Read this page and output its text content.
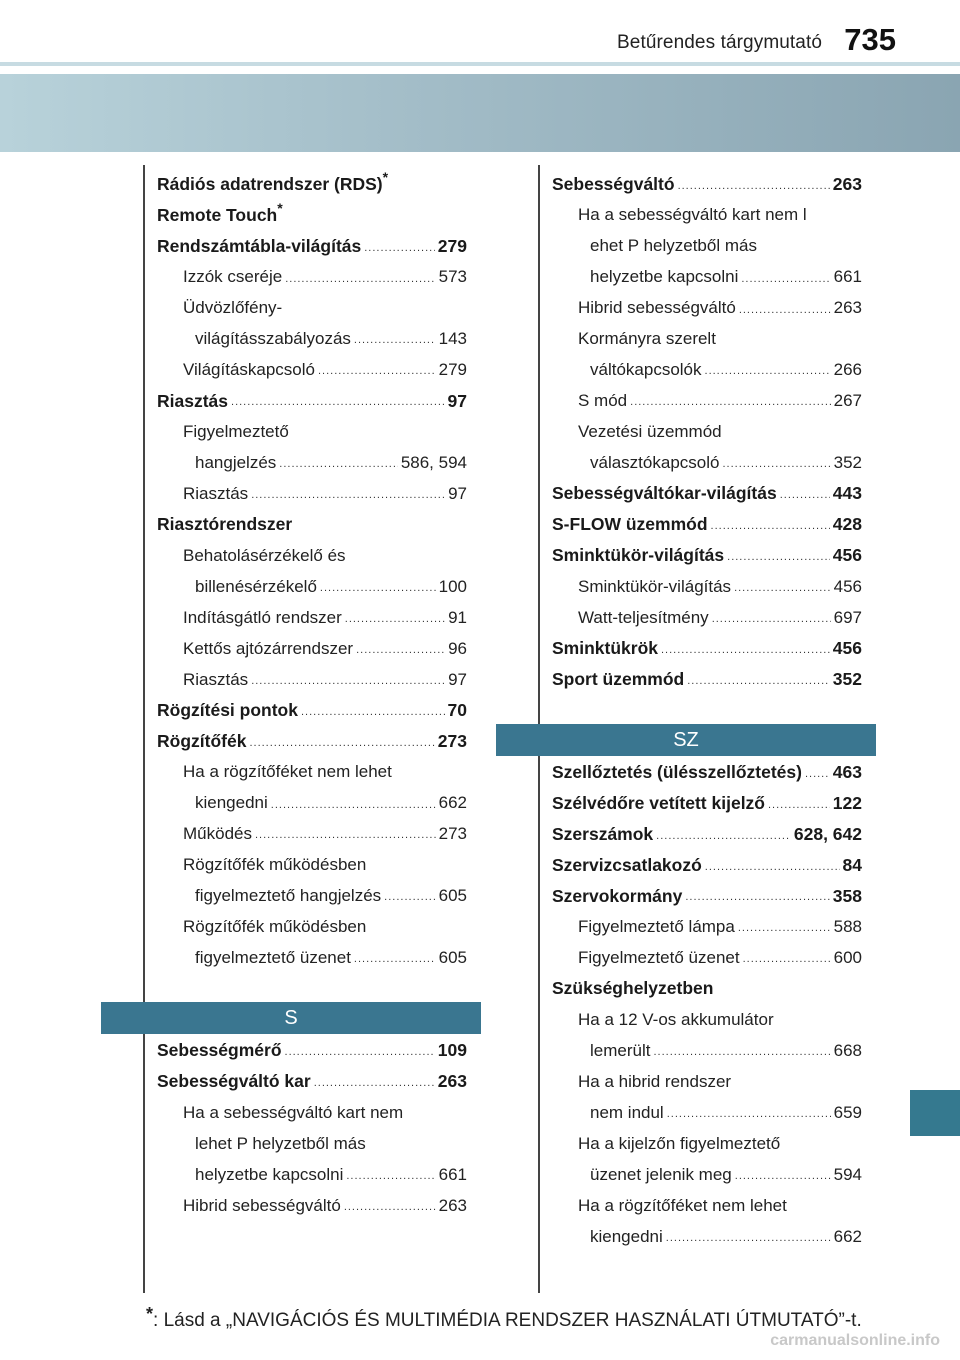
Betűrendes tárgymutató 735
Rádiós adatrendszer (RDS)*
Remote Touch*
Rendszámtábla-világítás .....	279
Izzók cseréje .....	573
Üdvözlőfény-
világításszabályozás .....	143
Világításkapcsoló .....	279
Riasztás .....	97
Figyelmeztető
hangjelzés .....	586, 594
Riasztás .....	97
Riasztórendszer
Behatolásérzékelő és
billenésérzékelő .....	100
Indításgátló rendszer .....	91
Kettős ajtózárrendszer .....	96
Riasztás .....	97
Rögzítési pontok .....	70
Rögzítőfék .....	273
Ha a rögzítőféket nem lehet
kiengedni .....	662
Működés .....	273
Rögzítőfék működésben
figyelmeztető hangjelzés .....	605
Rögzítőfék működésben
figyelmeztető üzenet .....	605
S
Sebességmérő .....	109
Sebességváltó kar .....	263
Ha a sebességváltó kart nem
lehet P helyzetből más
helyzetbe kapcsolni .....	661
Hibrid sebességváltó .....	263
Sebességváltó .....	263
Ha a sebességváltó kart nem l
ehet P helyzetből más
helyzetbe kapcsolni .....	661
Hibrid sebességváltó .....	263
Kormányra szerelt
váltókapcsolók .....	266
S mód .....	267
Vezetési üzemmód
választókapcsoló .....	352
Sebességváltókar-világítás .....	443
S-FLOW üzemmód .....	428
Sminktükör-világítás .....	456
Sminktükör-világítás .....	456
Watt-teljesítmény .....	697
Sminktükrök .....	456
Sport üzemmód .....	352
SZ
Szellőztetés (ülésszellőztetés) ..... 463
Szélvédőre vetített kijelző .....	122
Szerszámok .....	628, 642
Szervizcsatlakozó .....	84
Szervokormány .....	358
Figyelmeztető lámpa .....	588
Figyelmeztető üzenet .....	600
Szükséghelyzetben
Ha a 12 V-os akkumulátor
lemerült .....	668
Ha a hibrid rendszer
nem indul .....	659
Ha a kijelzőn figyelmeztető
üzenet jelenik meg .....	594
Ha a rögzítőféket nem lehet
kiengedni .....	662
*: Lásd a „NAVIGÁCIÓS ÉS MULTIMÉDIA RENDSZER HASZNÁLATI ÚTMUTATÓ”-t.
carmanualsonline.info
